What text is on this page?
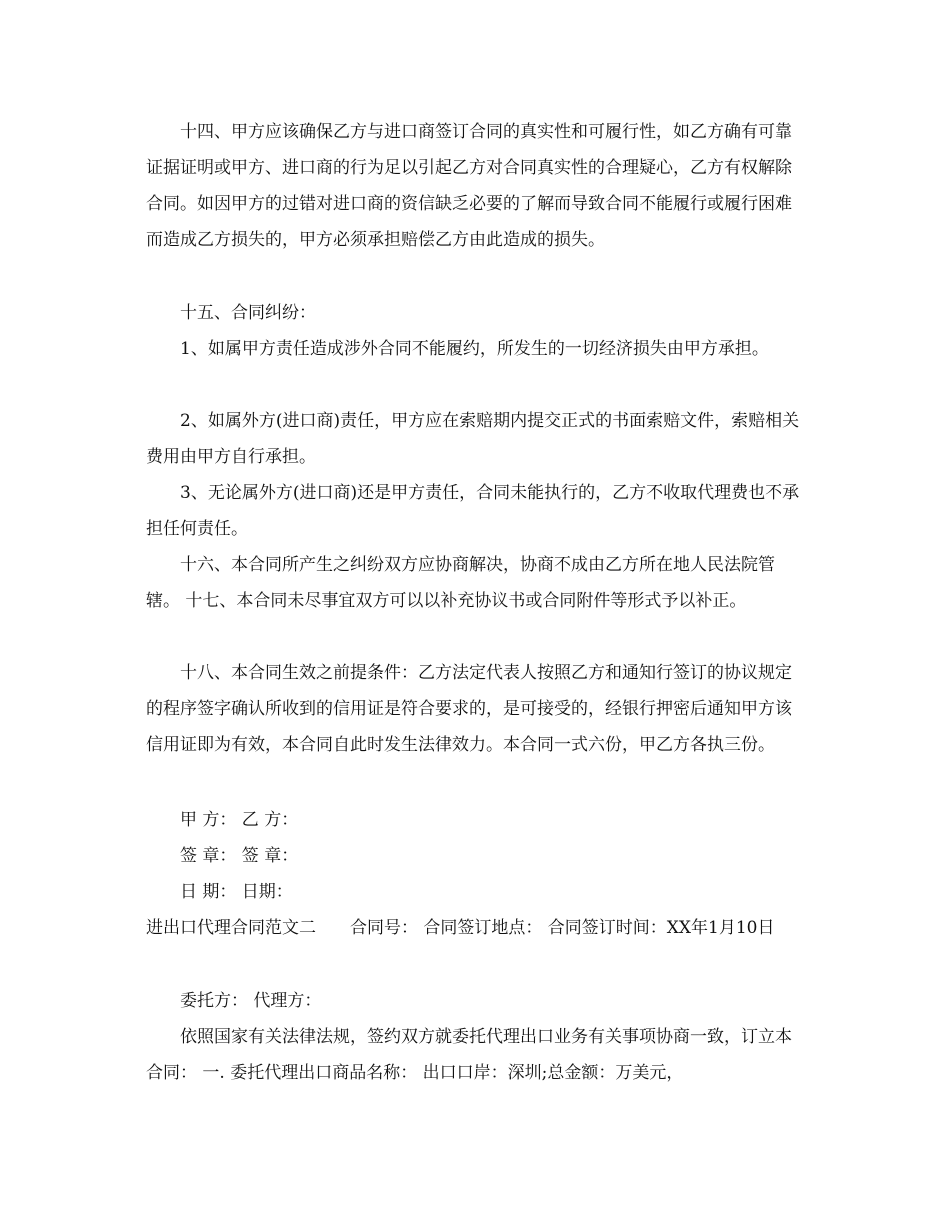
十四、甲方应该确保乙方与进口商签订合同的真实性和可履行性，如乙方确有可靠证据证明或甲方、进口商的行为足以引起乙方对合同真实性的合理疑心，乙方有权解除合同。如因甲方的过错对进口商的资信缺乏必要的了解而导致合同不能履行或履行困难而造成乙方损失的，甲方必须承担赔偿乙方由此造成的损失。

十五、合同纠纷：

1、如属甲方责任造成涉外合同不能履约，所发生的一切经济损失由甲方承担。

2、如属外方(进口商)责任，甲方应在索赔期内提交正式的书面索赔文件，索赔相关费用由甲方自行承担。

3、无论属外方(进口商)还是甲方责任，合同未能执行的，乙方不收取代理费也不承担任何责任。

十六、本合同所产生之纠纷双方应协商解决，协商不成由乙方所在地人民法院管辖。 十七、本合同未尽事宜双方可以以补充协议书或合同附件等形式予以补正。

十八、本合同生效之前提条件：乙方法定代表人按照乙方和通知行签订的协议规定的程序签字确认所收到的信用证是符合要求的，是可接受的，经银行押密后通知甲方该信用证即为有效，本合同自此时发生法律效力。本合同一式六份，甲乙方各执三份。

甲 方： 乙 方：

签 章： 签 章：

日 期： 日期：

进出口代理合同范文二　　合同号： 合同签订地点： 合同签订时间：XX年1月10日

委托方： 代理方：

依照国家有关法律法规，签约双方就委托代理出口业务有关事项协商一致，订立本合同： 一. 委托代理出口商品名称： 出口口岸：深圳;总金额：万美元，
